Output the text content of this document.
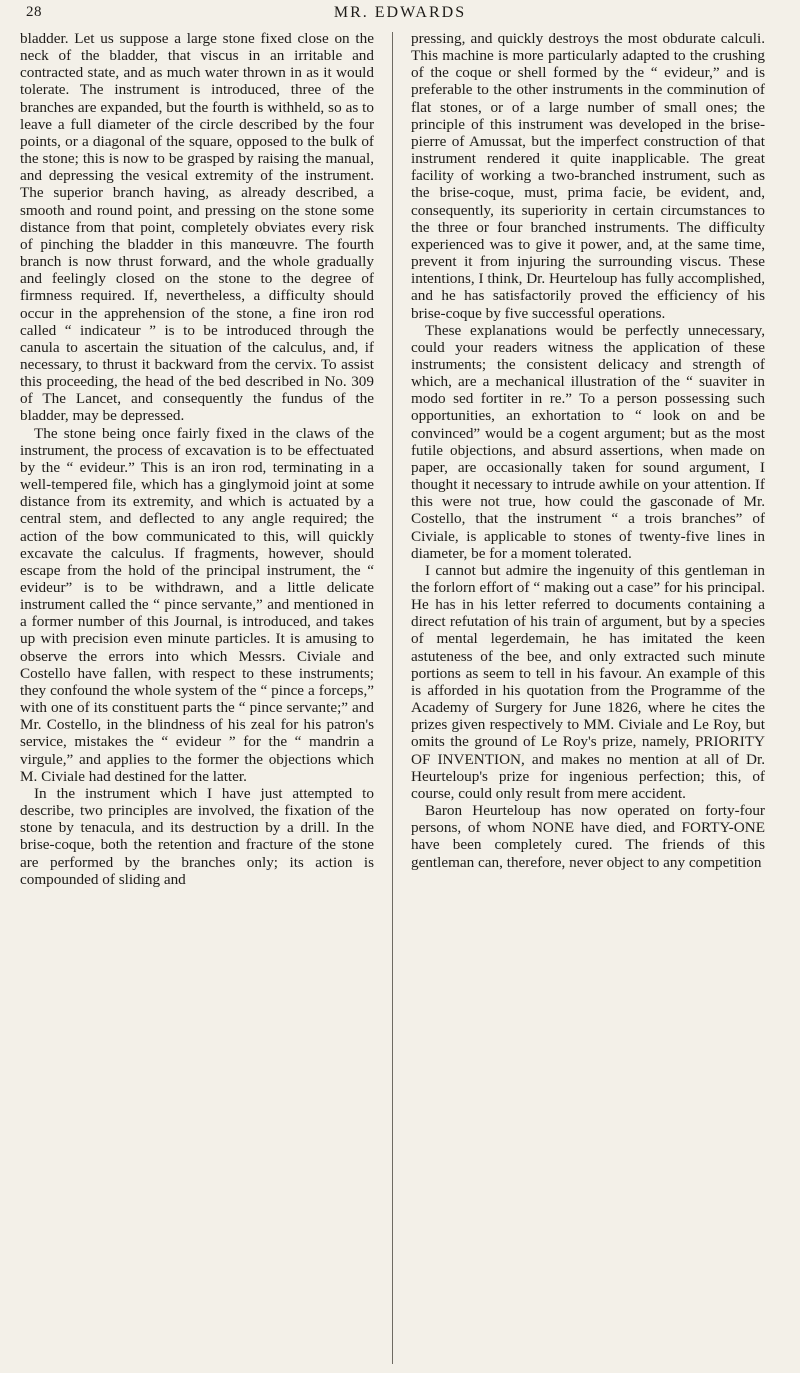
28	MR. EDWARDS

bladder. Let us suppose a large stone fixed close on the neck of the bladder, that viscus in an irritable and contracted state, and as much water thrown in as it would tolerate. The instrument is introduced, three of the branches are expanded, but the fourth is withheld, so as to leave a full diameter of the circle described by the four points, or a diagonal of the square, opposed to the bulk of the stone; this is now to be grasped by raising the manual, and depressing the vesical extremity of the instrument. The superior branch having, as already described, a smooth and round point, and pressing on the stone some distance from that point, completely obviates every risk of pinching the bladder in this manœuvre. The fourth branch is now thrust forward, and the whole gradually and feelingly closed on the stone to the degree of firmness required. If, nevertheless, a difficulty should occur in the apprehension of the stone, a fine iron rod called “ indicateur ” is to be introduced through the canula to ascertain the situation of the calculus, and, if necessary, to thrust it backward from the cervix. To assist this proceeding, the head of the bed described in No. 309 of The Lancet, and consequently the fundus of the bladder, may be depressed.

The stone being once fairly fixed in the claws of the instrument, the process of excavation is to be effectuated by the “ evideur.” This is an iron rod, terminating in a well-tempered file, which has a ginglymoid joint at some distance from its extremity, and which is actuated by a central stem, and deflected to any angle required; the action of the bow communicated to this, will quickly excavate the calculus. If fragments, however, should escape from the hold of the principal instrument, the “ evideur” is to be withdrawn, and a little delicate instrument called the “ pince servante,” and mentioned in a former number of this Journal, is introduced, and takes up with precision even minute particles. It is amusing to observe the errors into which Messrs. Civiale and Costello have fallen, with respect to these instruments; they confound the whole system of the “ pince a forceps,” with one of its constituent parts the “ pince servante;” and Mr. Costello, in the blindness of his zeal for his patron's service, mistakes the “ evideur ” for the “ mandrin a virgule,” and applies to the former the objections which M. Civiale had destined for the latter.

In the instrument which I have just attempted to describe, two principles are involved, the fixation of the stone by tenacula, and its destruction by a drill. In the brise-coque, both the retention and fracture of the stone are performed by the branches only; its action is compounded of sliding and

pressing, and quickly destroys the most obdurate calculi. This machine is more particularly adapted to the crushing of the coque or shell formed by the “ evideur,” and is preferable to the other instruments in the comminution of flat stones, or of a large number of small ones; the principle of this instrument was developed in the brise-pierre of Amussat, but the imperfect construction of that instrument rendered it quite inapplicable. The great facility of working a two-branched instrument, such as the brise-coque, must, prima facie, be evident, and, consequently, its superiority in certain circumstances to the three or four branched instruments. The difficulty experienced was to give it power, and, at the same time, prevent it from injuring the surrounding viscus. These intentions, I think, Dr. Heurteloup has fully accomplished, and he has satisfactorily proved the efficiency of his brise-coque by five successful operations.

These explanations would be perfectly unnecessary, could your readers witness the application of these instruments; the consistent delicacy and strength of which, are a mechanical illustration of the “ suaviter in modo sed fortiter in re.” To a person possessing such opportunities, an exhortation to “ look on and be convinced” would be a cogent argument; but as the most futile objections, and absurd assertions, when made on paper, are occasionally taken for sound argument, I thought it necessary to intrude awhile on your attention. If this were not true, how could the gasconade of Mr. Costello, that the instrument “ a trois branches” of Civiale, is applicable to stones of twenty-five lines in diameter, be for a moment tolerated.

I cannot but admire the ingenuity of this gentleman in the forlorn effort of “ making out a case” for his principal. He has in his letter referred to documents containing a direct refutation of his train of argument, but by a species of mental legerdemain, he has imitated the keen astuteness of the bee, and only extracted such minute portions as seem to tell in his favour. An example of this is afforded in his quotation from the Programme of the Academy of Surgery for June 1826, where he cites the prizes given respectively to MM. Civiale and Le Roy, but omits the ground of Le Roy's prize, namely, PRIORITY OF INVENTION, and makes no mention at all of Dr. Heurteloup's prize for ingenious perfection; this, of course, could only result from mere accident.

Baron Heurteloup has now operated on forty-four persons, of whom NONE have died, and FORTY-ONE have been completely cured. The friends of this gentleman can, therefore, never object to any competition
